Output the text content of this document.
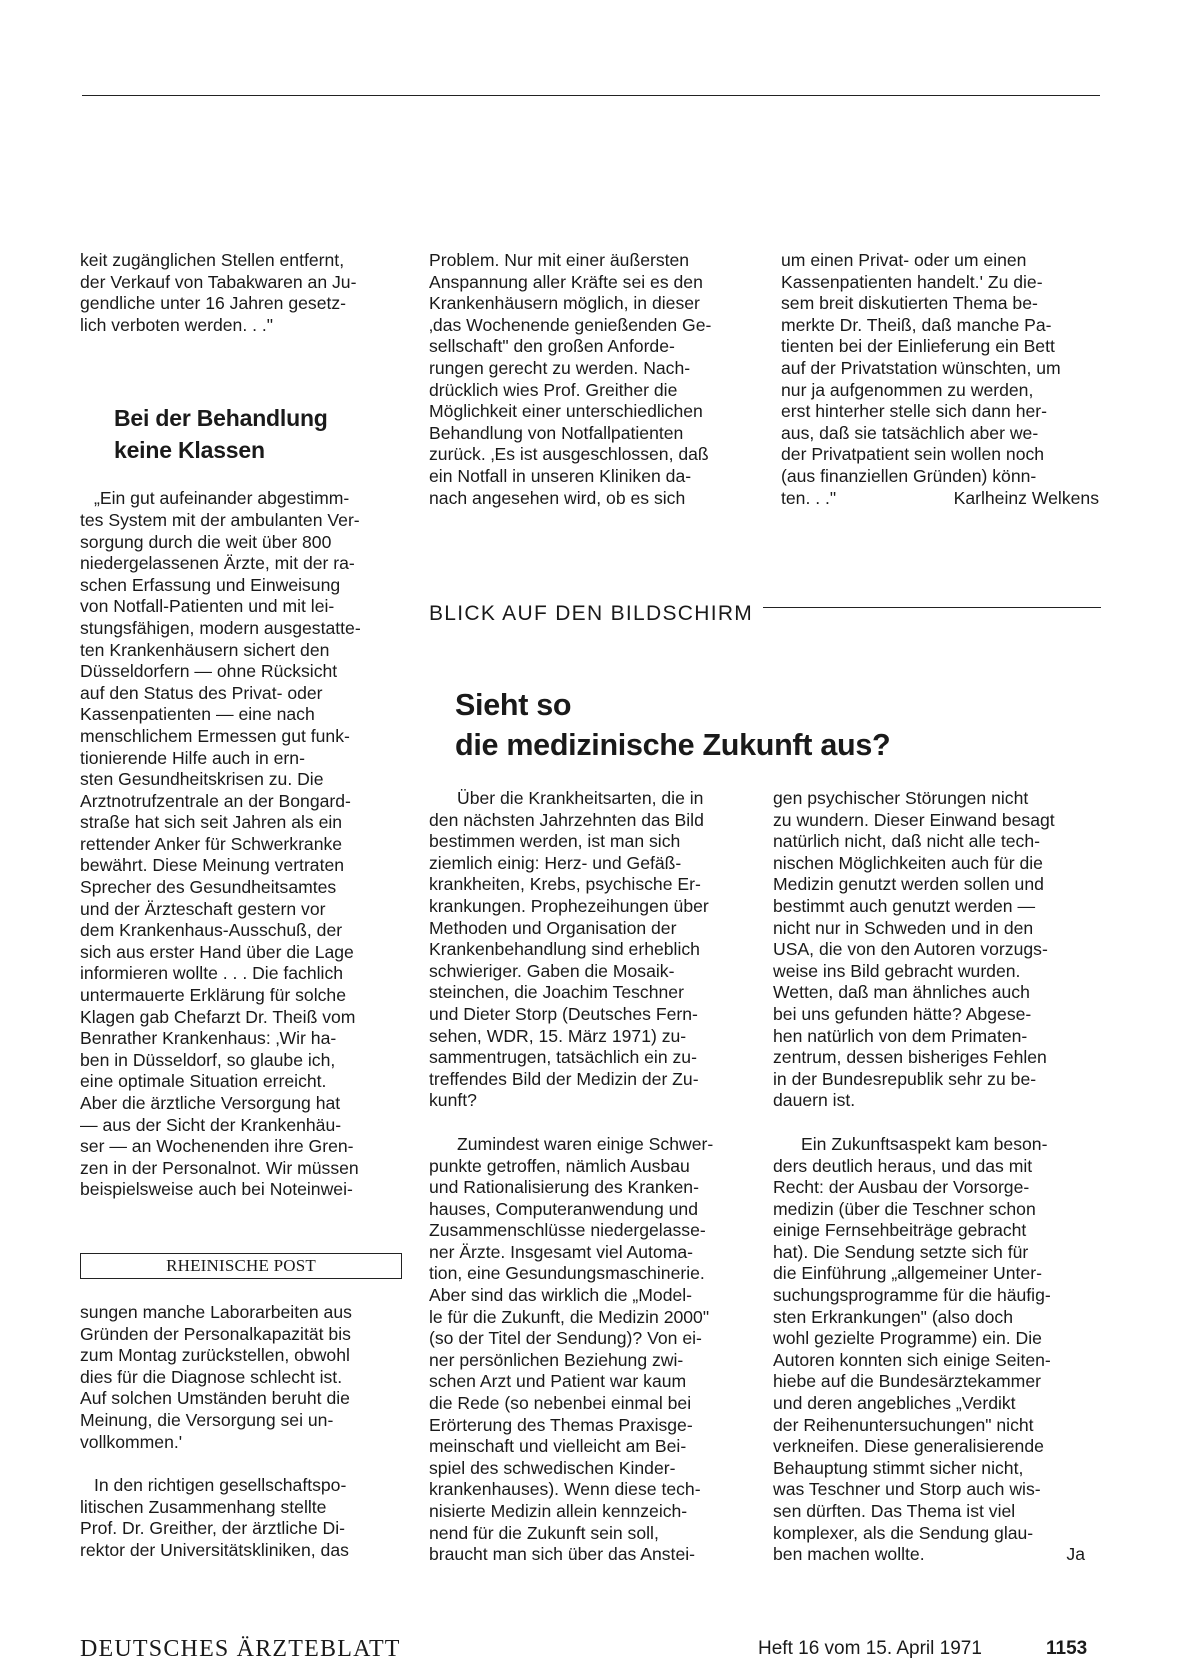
keit zugänglichen Stellen entfernt,

der Verkauf von Tabakwaren an Ju-

gendliche unter 16 Jahren gesetz-

lich verboten werden. . ."

Bei der Behandlung
keine Klassen

„Ein gut aufeinander abgestimm-

tes System mit der ambulanten Ver-

sorgung durch die weit über 800

niedergelassenen Ärzte, mit der ra-

schen Erfassung und Einweisung

von Notfall-Patienten und mit lei-

stungsfähigen, modern ausgestatte-

ten Krankenhäusern sichert den

Düsseldorfern — ohne Rücksicht

auf den Status des Privat- oder

Kassenpatienten — eine nach

menschlichem Ermessen gut funk-

tionierende Hilfe auch in ern-

sten Gesundheitskrisen zu. Die

Arztnotrufzentrale an der Bongard-

straße hat sich seit Jahren als ein

rettender Anker für Schwerkranke

bewährt. Diese Meinung vertraten

Sprecher des Gesundheitsamtes

und der Ärzteschaft gestern vor

dem Krankenhaus-Ausschuß, der

sich aus erster Hand über die Lage

informieren wollte . . . Die fachlich

untermauerte Erklärung für solche

Klagen gab Chefarzt Dr. Theiß vom

Benrather Krankenhaus: ‚Wir ha-

ben in Düsseldorf, so glaube ich,

eine optimale Situation erreicht.

Aber die ärztliche Versorgung hat

— aus der Sicht der Krankenhäu-

ser — an Wochenenden ihre Gren-

zen in der Personalnot. Wir müssen

beispielsweise auch bei Noteinwei-

RHEINISCHE POST

sungen manche Laborarbeiten aus

Gründen der Personalkapazität bis

zum Montag zurückstellen, obwohl

dies für die Diagnose schlecht ist.

Auf solchen Umständen beruht die

Meinung, die Versorgung sei un-

vollkommen.'

In den richtigen gesellschaftspo-

litischen Zusammenhang stellte

Prof. Dr. Greither, der ärztliche Di-

rektor der Universitätskliniken, das

Problem. Nur mit einer äußersten

Anspannung aller Kräfte sei es den

Krankenhäusern möglich, in dieser

‚das Wochenende genießenden Ge-

sellschaft" den großen Anforde-

rungen gerecht zu werden. Nach-

drücklich wies Prof. Greither die

Möglichkeit einer unterschiedlichen

Behandlung von Notfallpatienten

zurück. ‚Es ist ausgeschlossen, daß

ein Notfall in unseren Kliniken da-

nach angesehen wird, ob es sich

um einen Privat- oder um einen

Kassenpatienten handelt.' Zu die-

sem breit diskutierten Thema be-

merkte Dr. Theiß, daß manche Pa-

tienten bei der Einlieferung ein Bett

auf der Privatstation wünschten, um

nur ja aufgenommen zu werden,

erst hinterher stelle sich dann her-

aus, daß sie tatsächlich aber we-

der Privatpatient sein wollen noch

(aus finanziellen Gründen) könn-

ten. . ."	Karlheinz Welkens

BLICK AUF DEN BILDSCHIRM
Sieht so
die medizinische Zukunft aus?

Über die Krankheitsarten, die in

den nächsten Jahrzehnten das Bild

bestimmen werden, ist man sich

ziemlich einig: Herz- und Gefäß-

krankheiten, Krebs, psychische Er-

krankungen. Prophezeihungen über

Methoden und Organisation der

Krankenbehandlung sind erheblich

schwieriger. Gaben die Mosaik-

steinchen, die Joachim Teschner

und Dieter Storp (Deutsches Fern-

sehen, WDR, 15. März 1971) zu-

sammentrugen, tatsächlich ein zu-

treffendes Bild der Medizin der Zu-

kunft?

Zumindest waren einige Schwer-

punkte getroffen, nämlich Ausbau

und Rationalisierung des Kranken-

hauses, Computeranwendung und

Zusammenschlüsse niedergelasse-

ner Ärzte. Insgesamt viel Automa-

tion, eine Gesundungsmaschinerie.

Aber sind das wirklich die „Model-

le für die Zukunft, die Medizin 2000"

(so der Titel der Sendung)? Von ei-

ner persönlichen Beziehung zwi-

schen Arzt und Patient war kaum

die Rede (so nebenbei einmal bei

Erörterung des Themas Praxisge-

meinschaft und vielleicht am Bei-

spiel des schwedischen Kinder-

krankenhauses). Wenn diese tech-

nisierte Medizin allein kennzeich-

nend für die Zukunft sein soll,

braucht man sich über das Anstei-

gen psychischer Störungen nicht

zu wundern. Dieser Einwand besagt

natürlich nicht, daß nicht alle tech-

nischen Möglichkeiten auch für die

Medizin genutzt werden sollen und

bestimmt auch genutzt werden —

nicht nur in Schweden und in den

USA, die von den Autoren vorzugs-

weise ins Bild gebracht wurden.

Wetten, daß man ähnliches auch

bei uns gefunden hätte? Abgese-

hen natürlich von dem Primaten-

zentrum, dessen bisheriges Fehlen

in der Bundesrepublik sehr zu be-

dauern ist.

Ein Zukunftsaspekt kam beson-

ders deutlich heraus, und das mit

Recht: der Ausbau der Vorsorge-

medizin (über die Teschner schon

einige Fernsehbeiträge gebracht

hat). Die Sendung setzte sich für

die Einführung „allgemeiner Unter-

suchungsprogramme für die häufig-

sten Erkrankungen" (also doch

wohl gezielte Programme) ein. Die

Autoren konnten sich einige Seiten-

hiebe auf die Bundesärztekammer

und deren angebliches „Verdikt

der Reihenuntersuchungen" nicht

verkneifen. Diese generalisierende

Behauptung stimmt sicher nicht,

was Teschner und Storp auch wis-

sen dürften. Das Thema ist viel

komplexer, als die Sendung glau-

ben machen wollte.	Ja

DEUTSCHES ÄRZTEBLATT	Heft 16 vom 15. April 1971	1153
